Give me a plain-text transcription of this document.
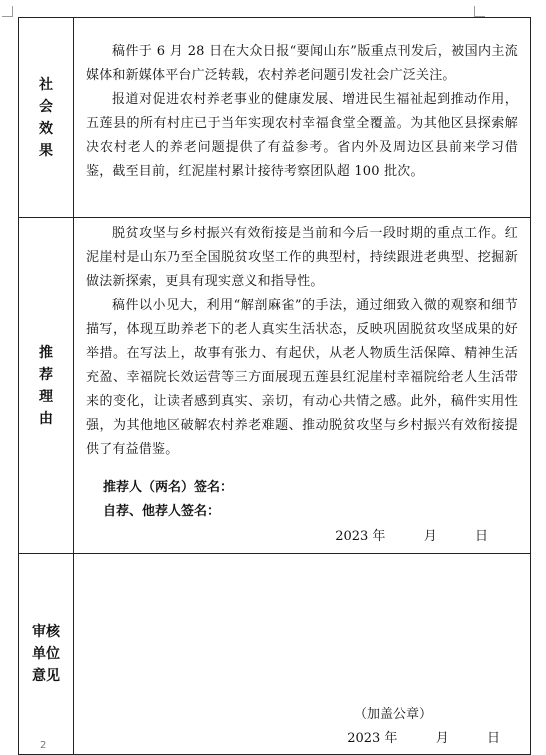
社会效果	稿件于 6 月 28 日在大众日报“要闻山东”版重点刊发后，被国内主流媒体和新媒体平台广泛转载，农村养老问题引发社会广泛关注。

报道对促进农村养老事业的健康发展、增进民生福祉起到推动作用，五莲县的所有村庄已于当年实现农村幸福食堂全覆盖。为其他区县探索解决农村老人的养老问题提供了有益参考。省内外及周边区县前来学习借鉴，截至目前，红泥崖村累计接待考察团队超 100 批次。

推荐理由	脱贫攻坚与乡村振兴有效衔接是当前和今后一段时期的重点工作。红泥崖村是山东乃至全国脱贫攻坚工作的典型村，持续跟进老典型、挖掘新做法新探索，更具有现实意义和指导性。

稿件以小见大，利用“解剖麻雀”的手法，通过细致入微的观察和细节描写，体现互助养老下的老人真实生活状态，反映巩固脱贫攻坚成果的好举措。在写法上，故事有张力、有起伏，从老人物质生活保障、精神生活充盈、幸福院长效运营等三方面展现五莲县红泥崖村幸福院给老人生活带来的变化，让读者感到真实、亲切，有动心共情之感。此外，稿件实用性强，为其他地区破解农村养老难题、推动脱贫攻坚与乡村振兴有效衔接提供了有益借鉴。

推荐人（两名）签名：
自荐、他荐人签名：
2023 年 月 日

审核单位意见	（加盖公章）
2023 年 月 日
2
